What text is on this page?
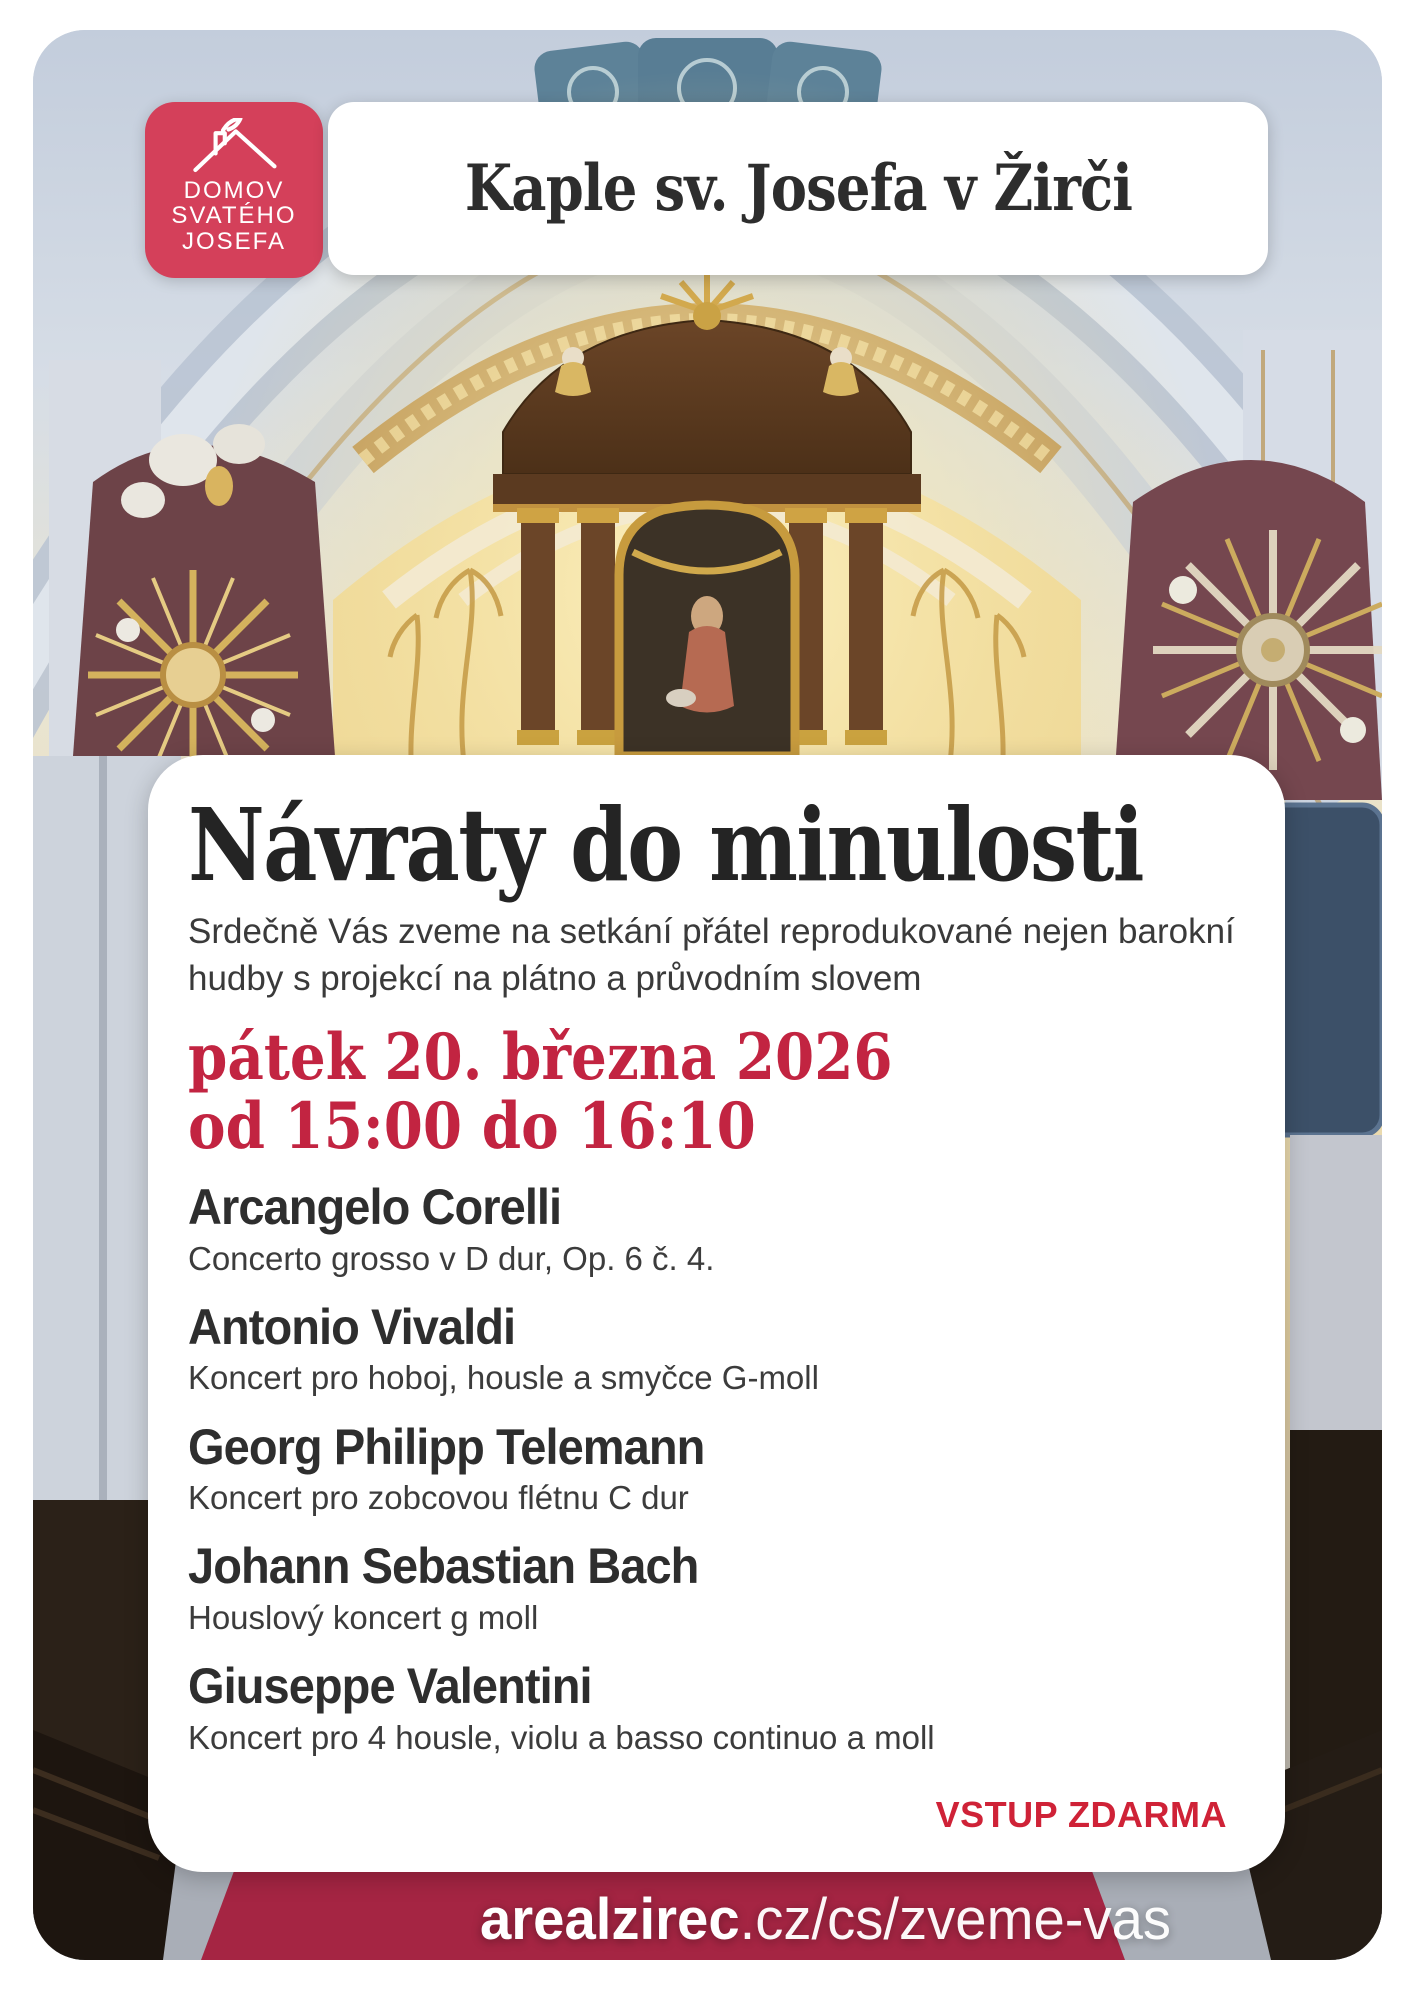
DOMOV
SVATÉHO
JOSEFA
Kaple sv. Josefa v Žirči
Návraty do minulosti
Srdečně Vás zveme na setkání přátel reprodukované nejen barokní
hudby s projekcí na plátno a průvodním slovem
pátek 20. března 2026
od 15:00 do 16:10
Arcangelo Corelli
Concerto grosso v D dur, Op. 6 č. 4.
Antonio Vivaldi
Koncert pro hoboj, housle a smyčce G-moll
Georg Philipp Telemann
Koncert pro zobcovou flétnu C dur
Johann Sebastian Bach
Houslový koncert g moll
Giuseppe Valentini
Koncert pro 4 housle, violu a basso continuo a moll
VSTUP ZDARMA
arealzirec .cz/cs/zveme-vas
